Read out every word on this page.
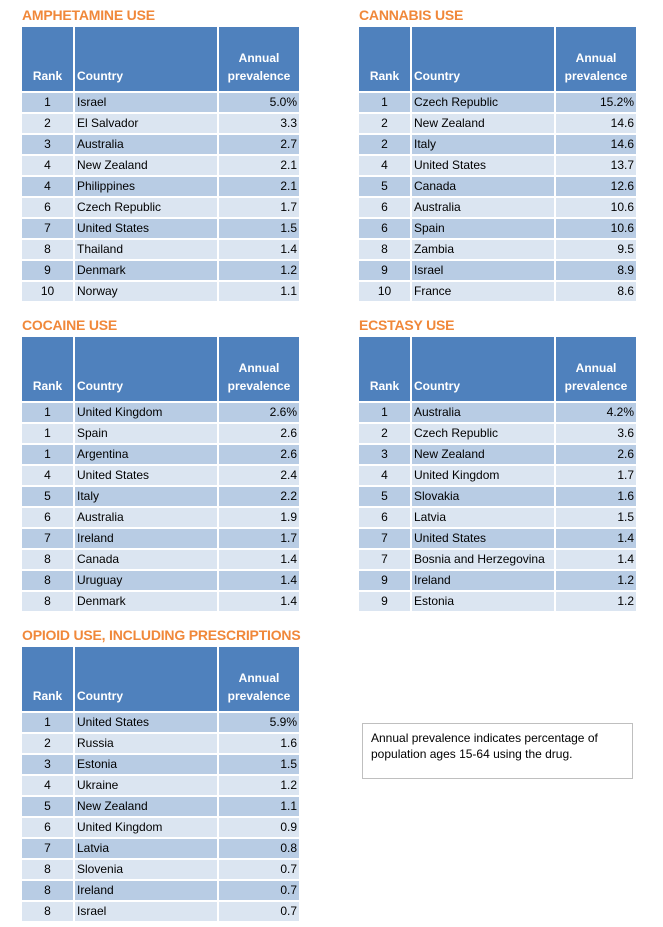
AMPHETAMINE USE
Rank	Country	Annual
prevalence
1	Israel	5.0%
2	El Salvador	3.3
3	Australia	2.7
4	New Zealand	2.1
4	Philippines	2.1
6	Czech Republic	1.7
7	United States	1.5
8	Thailand	1.4
9	Denmark	1.2
10	Norway	1.1
CANNABIS USE
Rank	Country	Annual
prevalence
1	Czech Republic	15.2%
2	New Zealand	14.6
2	Italy	14.6
4	United States	13.7
5	Canada	12.6
6	Australia	10.6
6	Spain	10.6
8	Zambia	9.5
9	Israel	8.9
10	France	8.6
COCAINE USE
Rank	Country	Annual
prevalence
1	United Kingdom	2.6%
1	Spain	2.6
1	Argentina	2.6
4	United States	2.4
5	Italy	2.2
6	Australia	1.9
7	Ireland	1.7
8	Canada	1.4
8	Uruguay	1.4
8	Denmark	1.4
ECSTASY USE
Rank	Country	Annual
prevalence
1	Australia	4.2%
2	Czech Republic	3.6
3	New Zealand	2.6
4	United Kingdom	1.7
5	Slovakia	1.6
6	Latvia	1.5
7	United States	1.4
7	Bosnia and Herzegovina	1.4
9	Ireland	1.2
9	Estonia	1.2
OPIOID USE, INCLUDING PRESCRIPTIONS
Rank	Country	Annual
prevalence
1	United States	5.9%
2	Russia	1.6
3	Estonia	1.5
4	Ukraine	1.2
5	New Zealand	1.1
6	United Kingdom	0.9
7	Latvia	0.8
8	Slovenia	0.7
8	Ireland	0.7
8	Israel	0.7
Annual prevalence indicates percentage of population ages 15-64 using the drug.
